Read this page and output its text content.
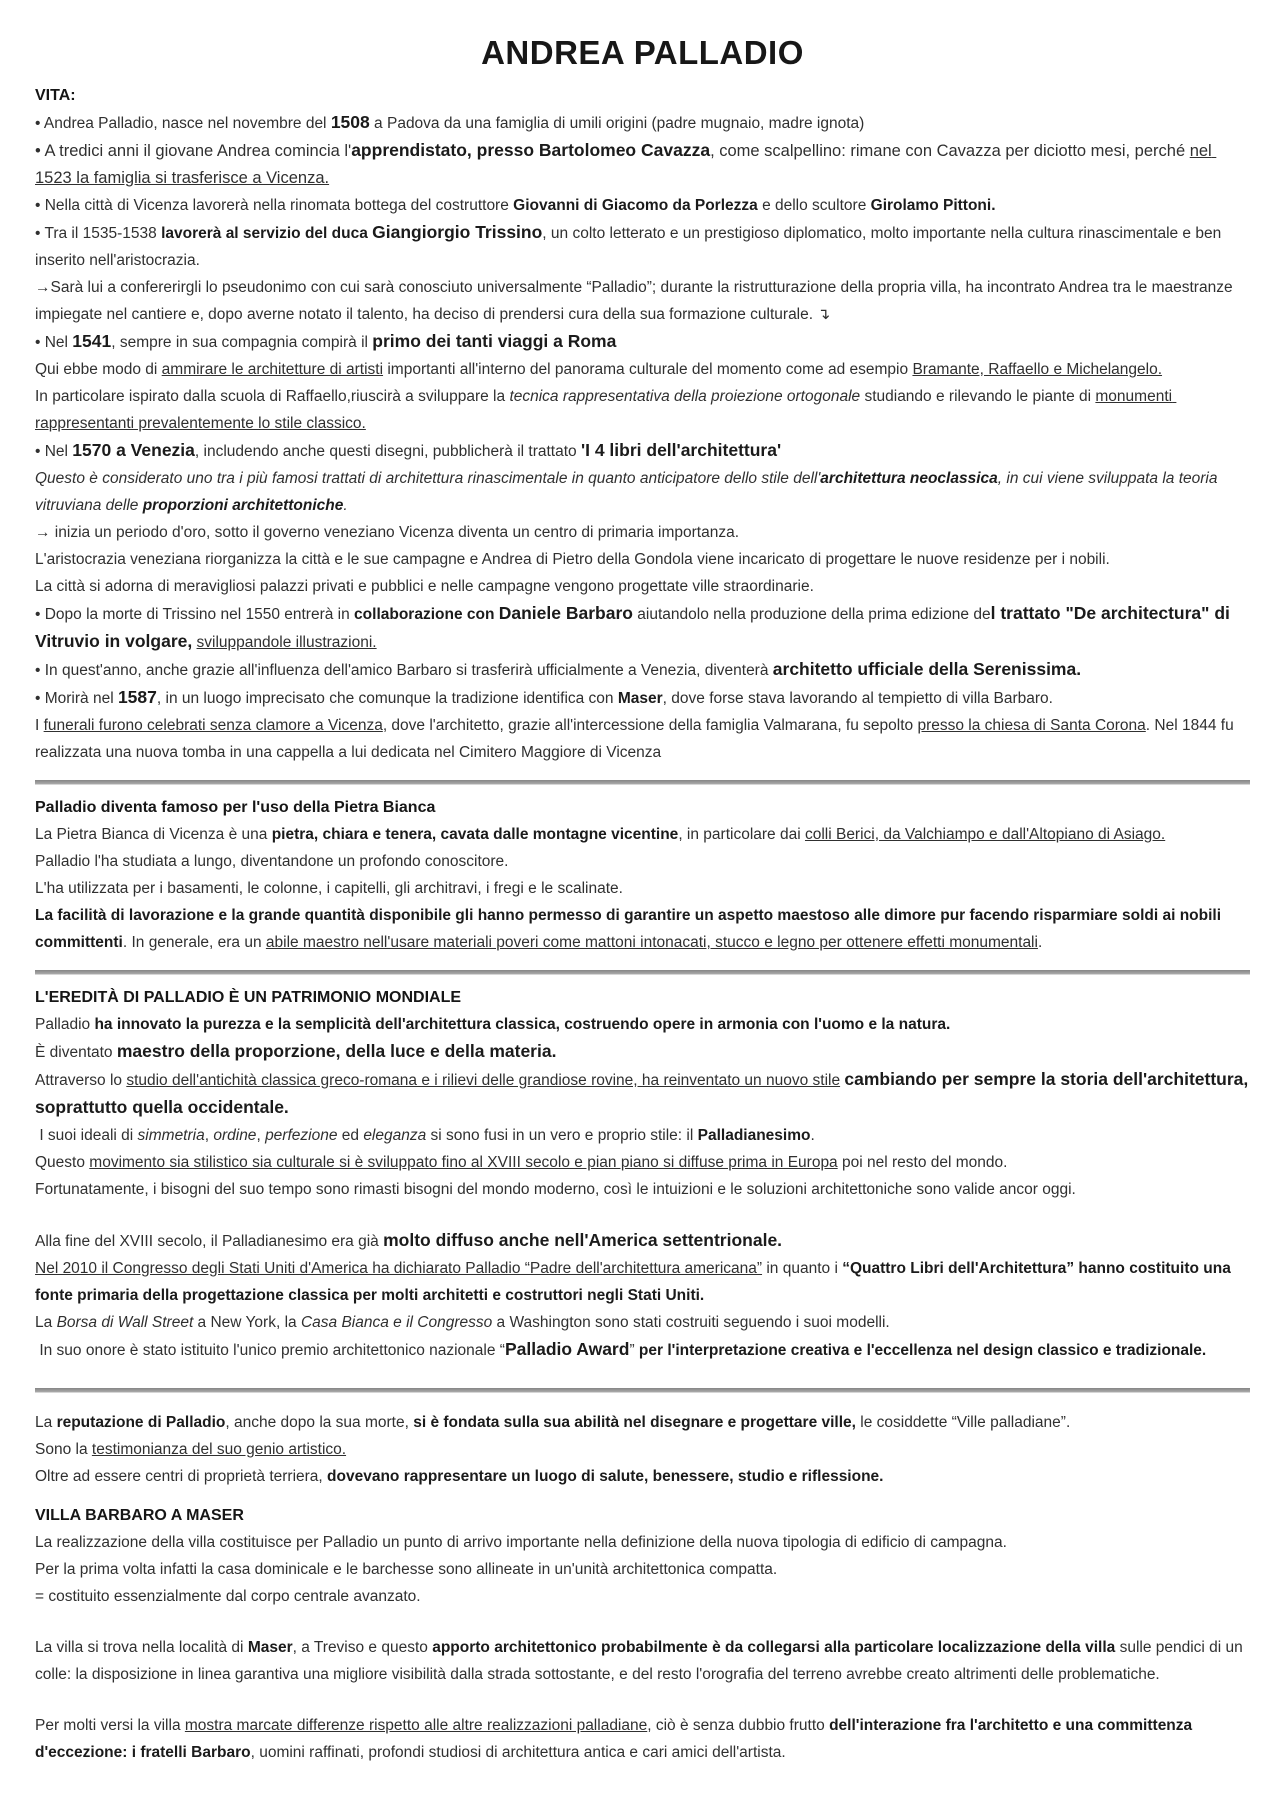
ANDREA PALLADIO

VITA:

• Andrea Palladio, nasce nel novembre del 1508 a Padova da una famiglia di umili origini (padre mugnaio, madre ignota)

• A tredici anni il giovane Andrea comincia l'apprendistato, presso Bartolomeo Cavazza, come scalpellino: rimane con Cavazza per diciotto mesi, perché nel 1523 la famiglia si trasferisce a Vicenza.

• Nella città di Vicenza lavorerà nella rinomata bottega del costruttore Giovanni di Giacomo da Porlezza e dello scultore Girolamo Pittoni.

• Tra il 1535-1538 lavorerà al servizio del duca Giangiorgio Trissino, un colto letterato e un prestigioso diplomatico, molto importante nella cultura rinascimentale e ben inserito nell'aristocrazia.

→Sarà lui a confererirgli lo pseudonimo con cui sarà conosciuto universalmente “Palladio”; durante la ristrutturazione della propria villa, ha incontrato Andrea tra le maestranze impiegate nel cantiere e, dopo averne notato il talento, ha deciso di prendersi cura della sua formazione culturale. ↴

• Nel 1541, sempre in sua compagnia compirà il primo dei tanti viaggi a Roma

Qui ebbe modo di ammirare le architetture di artisti importanti all'interno del panorama culturale del momento come ad esempio Bramante, Raffaello e Michelangelo.

In particolare ispirato dalla scuola di Raffaello,riuscirà a sviluppare la tecnica rappresentativa della proiezione ortogonale studiando e rilevando le piante di monumenti rappresentanti prevalentemente lo stile classico.

• Nel 1570 a Venezia, includendo anche questi disegni, pubblicherà il trattato 'I 4 libri dell'architettura'

Questo è considerato uno tra i più famosi trattati di architettura rinascimentale in quanto anticipatore dello stile dell'architettura neoclassica, in cui viene sviluppata la teoria vitruviana delle proporzioni architettoniche.

→ inizia un periodo d'oro, sotto il governo veneziano Vicenza diventa un centro di primaria importanza.

L'aristocrazia veneziana riorganizza la città e le sue campagne e Andrea di Pietro della Gondola viene incaricato di progettare le nuove residenze per i nobili.

La città si adorna di meravigliosi palazzi privati e pubblici e nelle campagne vengono progettate ville straordinarie.

• Dopo la morte di Trissino nel 1550 entrerà in collaborazione con Daniele Barbaro aiutandolo nella produzione della prima edizione del trattato "De architectura" di Vitruvio in volgare, sviluppandole illustrazioni.

• In quest'anno, anche grazie all'influenza dell'amico Barbaro si trasferirà ufficialmente a Venezia, diventerà architetto ufficiale della Serenissima.

• Morirà nel 1587, in un luogo imprecisato che comunque la tradizione identifica con Maser, dove forse stava lavorando al tempietto di villa Barbaro.

I funerali furono celebrati senza clamore a Vicenza, dove l'architetto, grazie all'intercessione della famiglia Valmarana, fu sepolto presso la chiesa di Santa Corona. Nel 1844 fu realizzata una nuova tomba in una cappella a lui dedicata nel Cimitero Maggiore di Vicenza

Palladio diventa famoso per l'uso della Pietra Bianca

La Pietra Bianca di Vicenza è una pietra, chiara e tenera, cavata dalle montagne vicentine, in particolare dai colli Berici, da Valchiampo e dall'Altopiano di Asiago.

Palladio l'ha studiata a lungo, diventandone un profondo conoscitore.

L'ha utilizzata per i basamenti, le colonne, i capitelli, gli architravi, i fregi e le scalinate.

La facilità di lavorazione e la grande quantità disponibile gli hanno permesso di garantire un aspetto maestoso alle dimore pur facendo risparmiare soldi ai nobili committenti. In generale, era un abile maestro nell'usare materiali poveri come mattoni intonacati, stucco e legno per ottenere effetti monumentali.

L'EREDITÀ DI PALLADIO È UN PATRIMONIO MONDIALE

Palladio ha innovato la purezza e la semplicità dell'architettura classica, costruendo opere in armonia con l'uomo e la natura.

È diventato maestro della proporzione, della luce e della materia.

Attraverso lo studio dell'antichità classica greco-romana e i rilievi delle grandiose rovine, ha reinventato un nuovo stile cambiando per sempre la storia dell'architettura, soprattutto quella occidentale.

I suoi ideali di simmetria, ordine, perfezione ed eleganza si sono fusi in un vero e proprio stile: il Palladianesimo.

Questo movimento sia stilistico sia culturale si è sviluppato fino al XVIII secolo e pian piano si diffuse prima in Europa poi nel resto del mondo.

Fortunatamente, i bisogni del suo tempo sono rimasti bisogni del mondo moderno, così le intuizioni e le soluzioni architettoniche sono valide ancor oggi.

Alla fine del XVIII secolo, il Palladianesimo era già molto diffuso anche nell'America settentrionale.

Nel 2010 il Congresso degli Stati Uniti d'America ha dichiarato Palladio “Padre dell'architettura americana” in quanto i “Quattro Libri dell'Architettura” hanno costituito una fonte primaria della progettazione classica per molti architetti e costruttori negli Stati Uniti.

La Borsa di Wall Street a New York, la Casa Bianca e il Congresso a Washington sono stati costruiti seguendo i suoi modelli.

In suo onore è stato istituito l'unico premio architettonico nazionale “Palladio Award” per l'interpretazione creativa e l'eccellenza nel design classico e tradizionale.

La reputazione di Palladio, anche dopo la sua morte, si è fondata sulla sua abilità nel disegnare e progettare ville, le cosiddette “Ville palladiane”.

Sono la testimonianza del suo genio artistico.

Oltre ad essere centri di proprietà terriera, dovevano rappresentare un luogo di salute, benessere, studio e riflessione.

VILLA BARBARO A MASER

La realizzazione della villa costituisce per Palladio un punto di arrivo importante nella definizione della nuova tipologia di edificio di campagna.

Per la prima volta infatti la casa dominicale e le barchesse sono allineate in un'unità architettonica compatta.

= costituito essenzialmente dal corpo centrale avanzato.

La villa si trova nella località di Maser, a Treviso e questo apporto architettonico probabilmente è da collegarsi alla particolare localizzazione della villa sulle pendici di un colle: la disposizione in linea garantiva una migliore visibilità dalla strada sottostante, e del resto l'orografia del terreno avrebbe creato altrimenti delle problematiche.

Per molti versi la villa mostra marcate differenze rispetto alle altre realizzazioni palladiane, ciò è senza dubbio frutto dell'interazione fra l'architetto e una committenza d'eccezione: i fratelli Barbaro, uomini raffinati, profondi studiosi di architettura antica e cari amici dell'artista.
